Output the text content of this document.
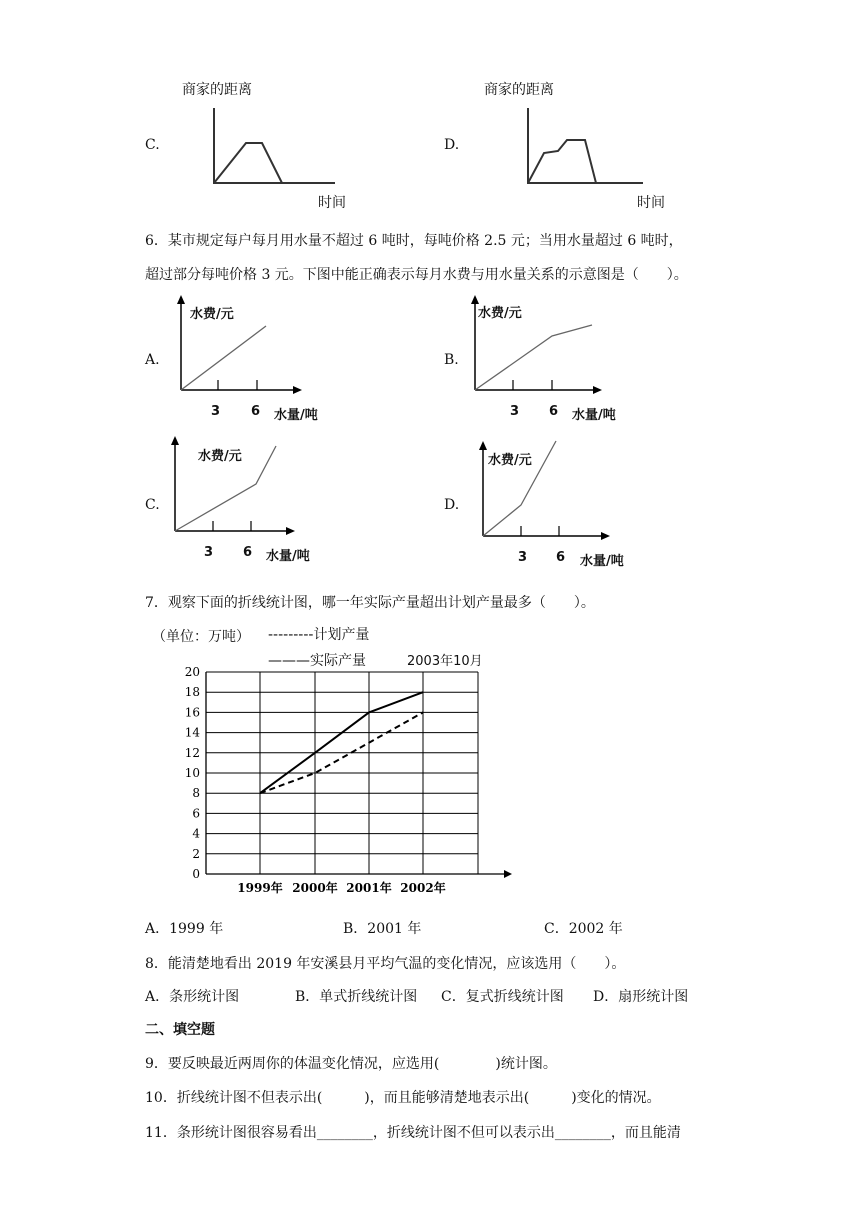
C.
商家的距离
时间
D.
商家的距离
时间
6．某市规定每户每月用水量不超过 6 吨时，每吨价格 2.5 元；当用水量超过 6 吨时，
超过部分每吨价格 3 元。下图中能正确表示每月水费与用水量关系的示意图是（　　）。
A.
水费/元
3 6 水量/吨
B.
水费/元
3 6 水量/吨
C.
水费/元
3 6 水量/吨
D.
水费/元
3 6 水量/吨
7．观察下面的折线统计图，哪一年实际产量超出计划产量最多（　　）。
（单位：万吨） ---------计划产量
———实际产量	2003年10月
0
2
4
6
8
10
12
14
16
18
20
1999年 2000年 2001年 2002年
A．1999 年	B．2001 年	C．2002 年
8．能清楚地看出 2019 年安溪县月平均气温的变化情况，应该选用（　　）。
A．条形统计图	B．单式折线统计图 C．复式折线统计图 D．扇形统计图
二、填空题
9．要反映最近两周你的体温变化情况，应选用(　　　　)统计图。
10．折线统计图不但表示出(　　　)，而且能够清楚地表示出(　　　)变化的情况。
11．条形统计图很容易看出________，折线统计图不但可以表示出________，而且能清
